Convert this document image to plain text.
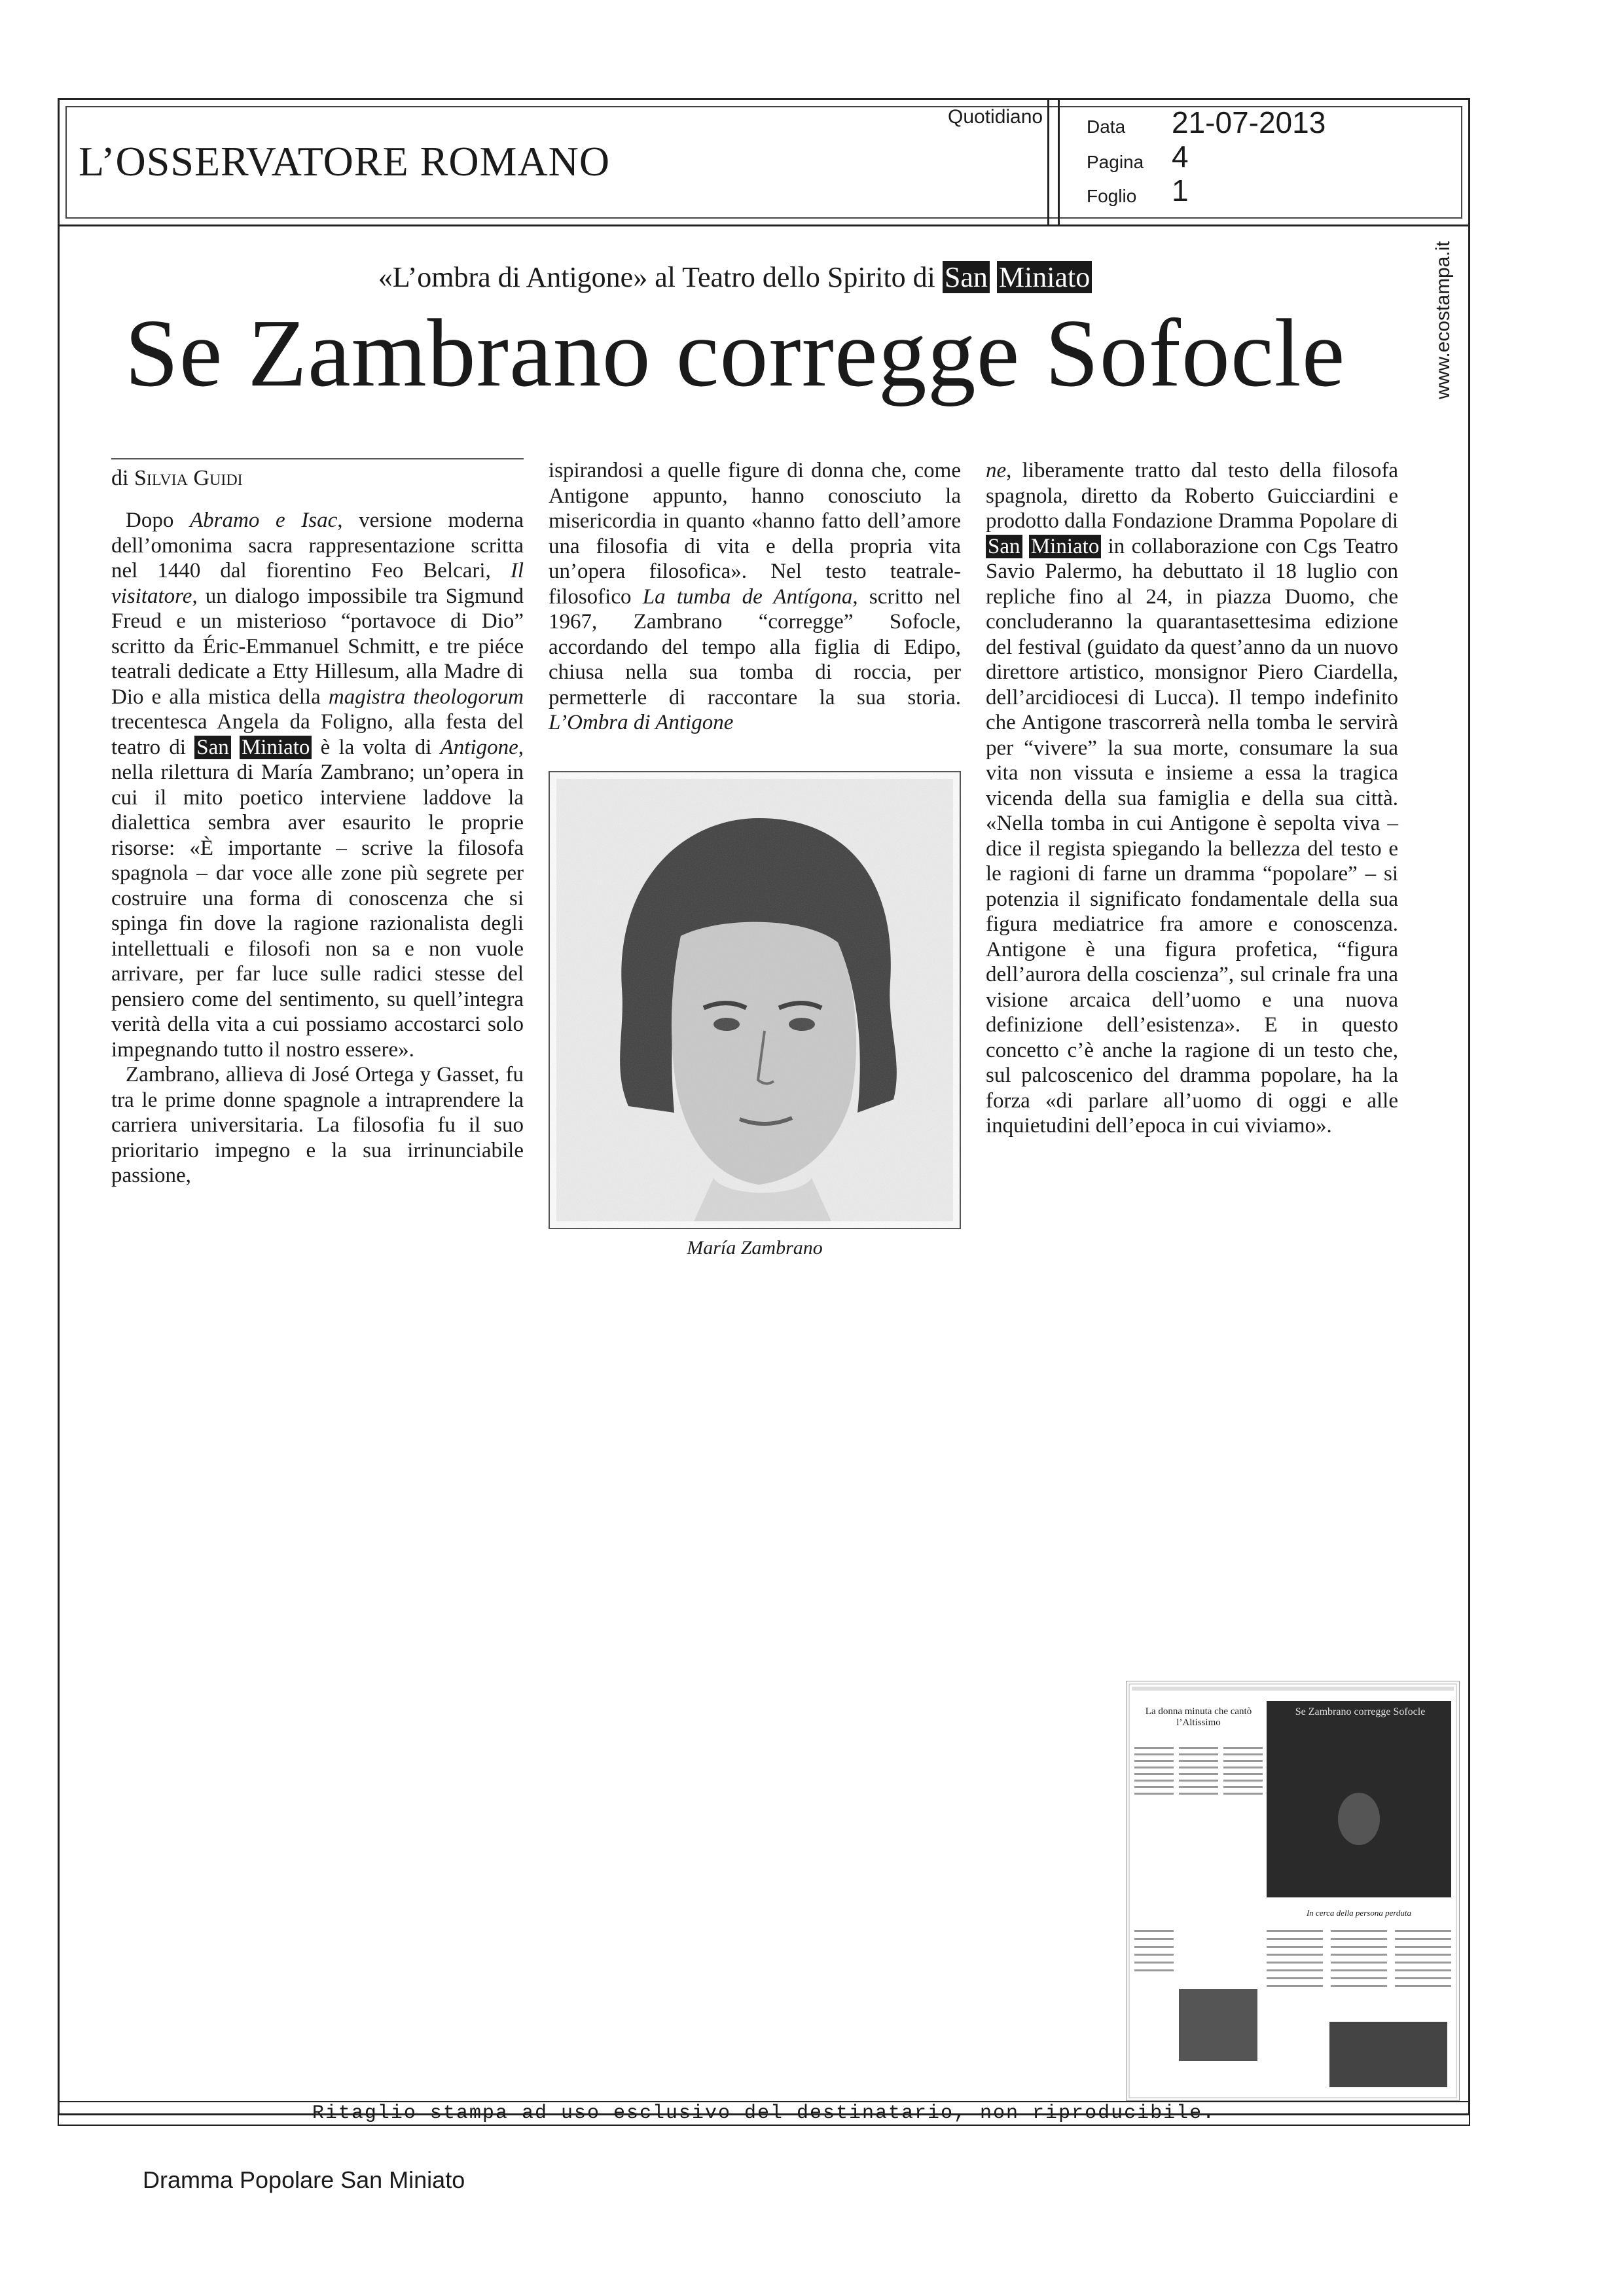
L’OSSERVATORE ROMANO
Quotidiano Data 21-07-2013
Pagina 4
Foglio 1
www.ecostampa.it
«L’ombra di Antigone» al Teatro dello Spirito di San Miniato
Se Zambrano corregge Sofocle
di Silvia Guidi

Dopo Abramo e Isac, versione moderna dell’omonima sacra rappresentazione scritta nel 1440 dal fiorentino Feo Belcari, Il visitatore, un dialogo impossibile tra Sigmund Freud e un misterioso “portavoce di Dio” scritto da Éric-Emmanuel Schmitt, e tre piéce teatrali dedicate a Etty Hillesum, alla Madre di Dio e alla mistica della magistra theologorum trecentesca Angela da Foligno, alla festa del teatro di San Miniato è la volta di Antigone, nella rilettura di María Zambrano; un’opera in cui il mito poetico interviene laddove la dialettica sembra aver esaurito le proprie risorse: «È importante – scrive la filosofa spagnola – dar voce alle zone più segrete per costruire una forma di conoscenza che si spinga fin dove la ragione razionalista degli intellettuali e filosofi non sa e non vuole arrivare, per far luce sulle radici stesse del pensiero come del sentimento, su quell’integra verità della vita a cui possiamo accostarci solo impegnando tutto il nostro essere».

Zambrano, allieva di José Ortega y Gasset, fu tra le prime donne spagnole a intraprendere la carriera universitaria. La filosofia fu il suo prioritario impegno e la sua irrinunciabile passione,

ispirandosi a quelle figure di donna che, come Antigone appunto, hanno conosciuto la misericordia in quanto «hanno fatto dell’amore una filosofia di vita e della propria vita un’opera filosofica». Nel testo teatrale-filosofico La tumba de Antígona, scritto nel 1967, Zambrano “corregge” Sofocle, accordando del tempo alla figlia di Edipo, chiusa nella sua tomba di roccia, per permetterle di raccontare la sua storia. L’Ombra di Antigone

María Zambrano

ne, liberamente tratto dal testo della filosofa spagnola, diretto da Roberto Guicciardini e prodotto dalla Fondazione Dramma Popolare di San Miniato in collaborazione con Cgs Teatro Savio Palermo, ha debuttato il 18 luglio con repliche fino al 24, in piazza Duomo, che concluderanno la quarantasettesima edizione del festival (guidato da quest’anno da un nuovo direttore artistico, monsignor Piero Ciardella, dell’arcidiocesi di Lucca). Il tempo indefinito che Antigone trascorrerà nella tomba le servirà per “vivere” la sua morte, consumare la sua vita non vissuta e insieme a essa la tragica vicenda della sua famiglia e della sua città. «Nella tomba in cui Antigone è sepolta viva – dice il regista spiegando la bellezza del testo e le ragioni di farne un dramma “popolare” – si potenzia il significato fondamentale della sua figura mediatrice fra amore e conoscenza. Antigone è una figura profetica, “figura dell’aurora della coscienza”, sul crinale fra una visione arcaica dell’uomo e una nuova definizione dell’esistenza». E in questo concetto c’è anche la ragione di un testo che, sul palcoscenico del dramma popolare, ha la forza «di parlare all’uomo di oggi e alle inquietudini dell’epoca in cui viviamo».

La donna minuta che cantò l’Altissimo
Se Zambrano corregge Sofocle
In cerca della persona perduta
Ritaglio stampa ad uso esclusivo del destinatario, non riproducibile.
Dramma Popolare San Miniato
